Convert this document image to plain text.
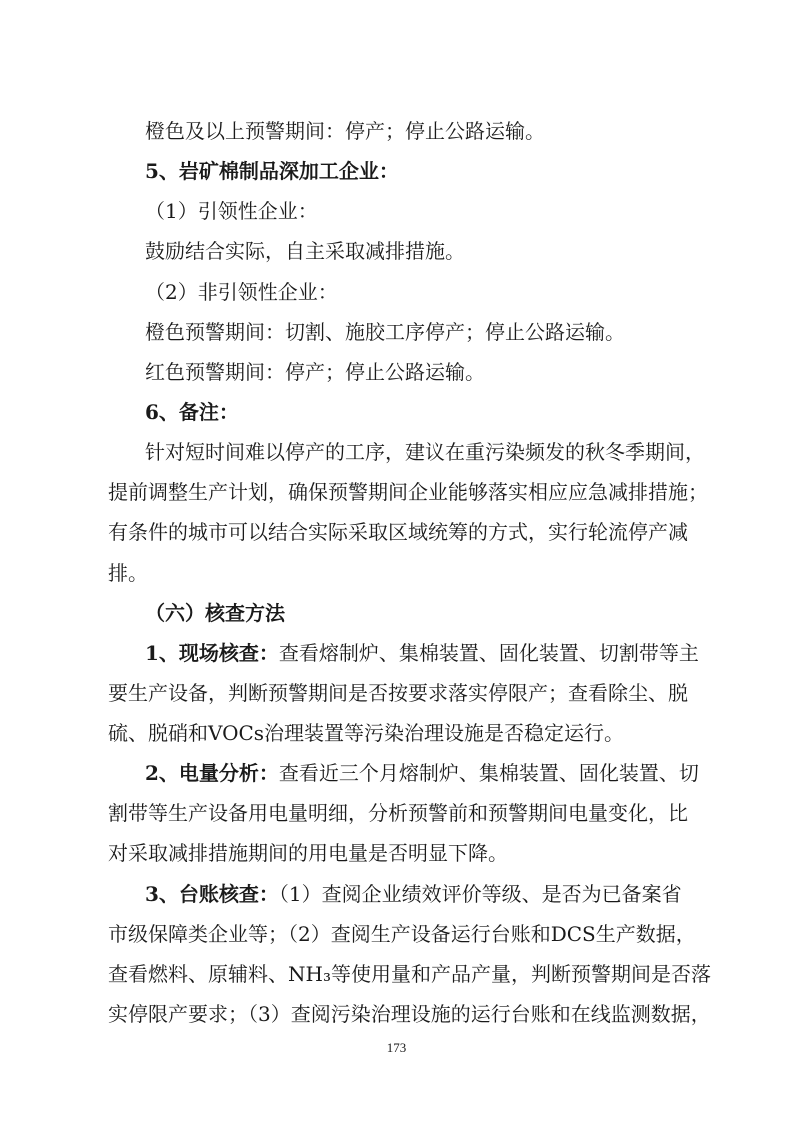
橙色及以上预警期间：停产；停止公路运输。
5、岩矿棉制品深加工企业：
（1）引领性企业：
鼓励结合实际，自主采取减排措施。
（2）非引领性企业：
橙色预警期间：切割、施胶工序停产；停止公路运输。
红色预警期间：停产；停止公路运输。
6、备注：
针对短时间难以停产的工序，建议在重污染频发的秋冬季期间，
提前调整生产计划，确保预警期间企业能够落实相应应急减排措施；
有条件的城市可以结合实际采取区域统筹的方式，实行轮流停产减
排。
（六）核查方法
1、现场核查：查看熔制炉、集棉装置、固化装置、切割带等主
要生产设备，判断预警期间是否按要求落实停限产；查看除尘、脱
硫、脱硝和VOCs治理装置等污染治理设施是否稳定运行。
2、电量分析：查看近三个月熔制炉、集棉装置、固化装置、切
割带等生产设备用电量明细，分析预警前和预警期间电量变化，比
对采取减排措施期间的用电量是否明显下降。
3、台账核查：（1）查阅企业绩效评价等级、是否为已备案省
市级保障类企业等；（2）查阅生产设备运行台账和DCS生产数据，
查看燃料、原辅料、NH₃等使用量和产品产量，判断预警期间是否落
实停限产要求；（3）查阅污染治理设施的运行台账和在线监测数据，
173
